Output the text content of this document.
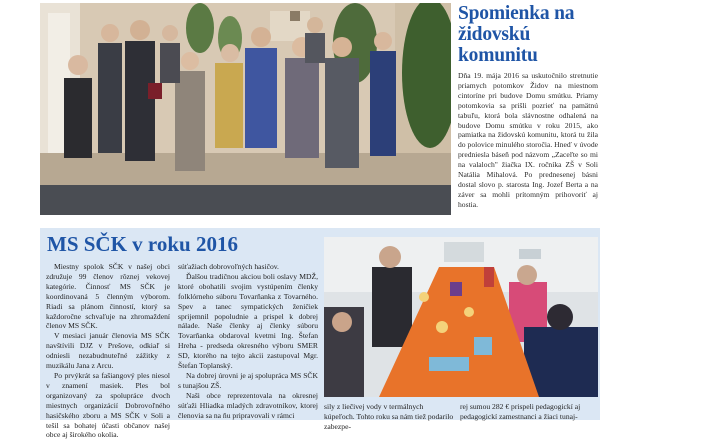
Spomienka na židovskú komunitu

Dňa 19. mája 2016 sa uskutočnilo stretnutie priamych potomkov Židov na miestnom cintoríne pri budove Domu smútku. Priamy potomkovia sa prišli pozrieť na pamätnú tabuľu, ktorá bola slávnostne odhalená na budove Domu smútku v roku 2015, ako pamiatka na židovskú komunitu, ktorá tu žila do polovice minulého storočia. Hneď v úvode predniesla báseň pod názvom „Zaceľte so mi na valaloch" žiačka IX. ročníka ZŠ v Soli Natália Mihalová. Po prednesenej básni dostal slovo p. starosta Ing. Jozef Berta a na záver sa mohli prítomným prihovoriť aj hostia.

MS SČK v roku 2016

Miestny spolok SČK v našej obci združuje 99 členov rôznej vekovej kategórie. Činnosť MS SČK je koordinovaná 5 členným výborom. Riadi sa plánom činností, ktorý sa každoročne schvaľuje na zhromaždení členov MS SČK.

V mesiaci január členovia MS SČK navštívili DJZ v Prešove, odkiaľ si odniesli nezabudnuteľné zážitky z muzikálu Jana z Arcu.

Po prvýkrát sa fašiangový ples niesol v znamení masiek. Ples bol organizovaný za spolupráce dvoch miestnych organizácií Dobrovoľného hasičského zboru a MS SČK v Soli a tešil sa bohatej účasti občanov našej obce aj širokého okolia.

súťažiach dobrovoľných hasičov.

Ďalšou tradičnou akciou boli oslavy MDŽ, ktoré obohatili svojim vystúpením členky folklórneho súboru Tovarňanka z Tovarného. Spev a tanec sympatických ženičiek sprijemnil popoludnie a prispel k dobrej nálade. Naše členky aj členky súboru Tovarňanka obdaroval kvetmi Ing. Štefan Hreha - predseda okresného výboru SMER SD, ktorého na tejto akcii zastupoval Mgr. Štefan Toplanský.

Na dobrej úrovni je aj spolupráca MS SČK s tunajšou ZŠ.

Naši obce reprezentovala na okresnej súťaži Hliadka mladých zdravotníkov, ktorej členovia sa na ňu pripravovali v rámci

sily z liečivej vody v termálnych kúpeľoch. Tohto roku sa nám tiež podarilo zabezpe-
rej sumou 282 € prispeli pedagogickí aj pedagogickí zamestnanci a žiaci tunaj-
